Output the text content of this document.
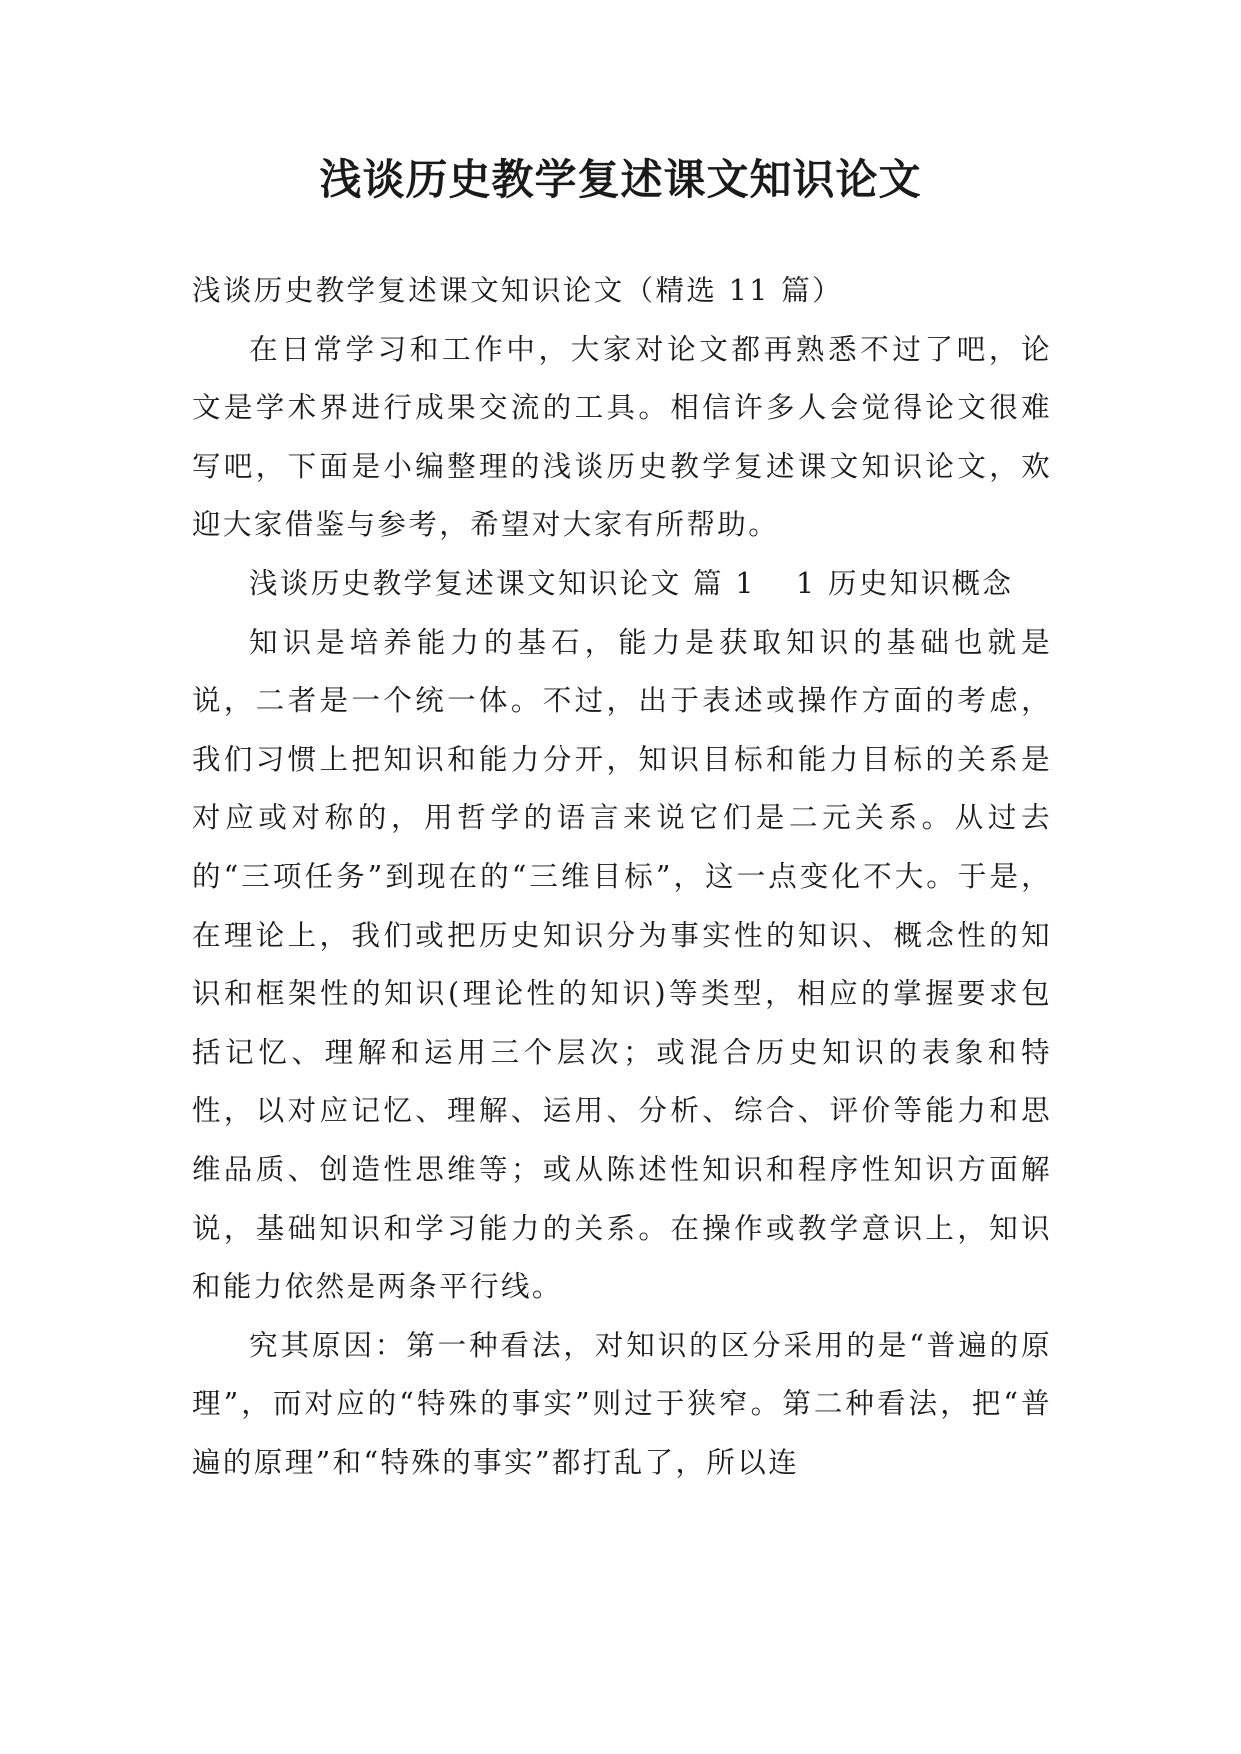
浅谈历史教学复述课文知识论文

浅谈历史教学复述课文知识论文（精选 11 篇）

在日常学习和工作中，大家对论文都再熟悉不过了吧，论文是学术界进行成果交流的工具。相信许多人会觉得论文很难写吧，下面是小编整理的浅谈历史教学复述课文知识论文，欢迎大家借鉴与参考，希望对大家有所帮助。

浅谈历史教学复述课文知识论文 篇 1 1 历史知识概念

知识是培养能力的基石，能力是获取知识的基础也就是说，二者是一个统一体。不过，出于表述或操作方面的考虑，我们习惯上把知识和能力分开，知识目标和能力目标的关系是对应或对称的，用哲学的语言来说它们是二元关系。从过去的“三项任务”到现在的“三维目标”，这一点变化不大。于是，在理论上，我们或把历史知识分为事实性的知识、概念性的知识和框架性的知识(理论性的知识)等类型，相应的掌握要求包括记忆、理解和运用三个层次；或混合历史知识的表象和特性，以对应记忆、理解、运用、分析、综合、评价等能力和思维品质、创造性思维等；或从陈述性知识和程序性知识方面解说，基础知识和学习能力的关系。在操作或教学意识上，知识和能力依然是两条平行线。

究其原因：第一种看法，对知识的区分采用的是“普遍的原理”，而对应的“特殊的事实”则过于狭窄。第二种看法，把“普遍的原理”和“特殊的事实”都打乱了，所以连
